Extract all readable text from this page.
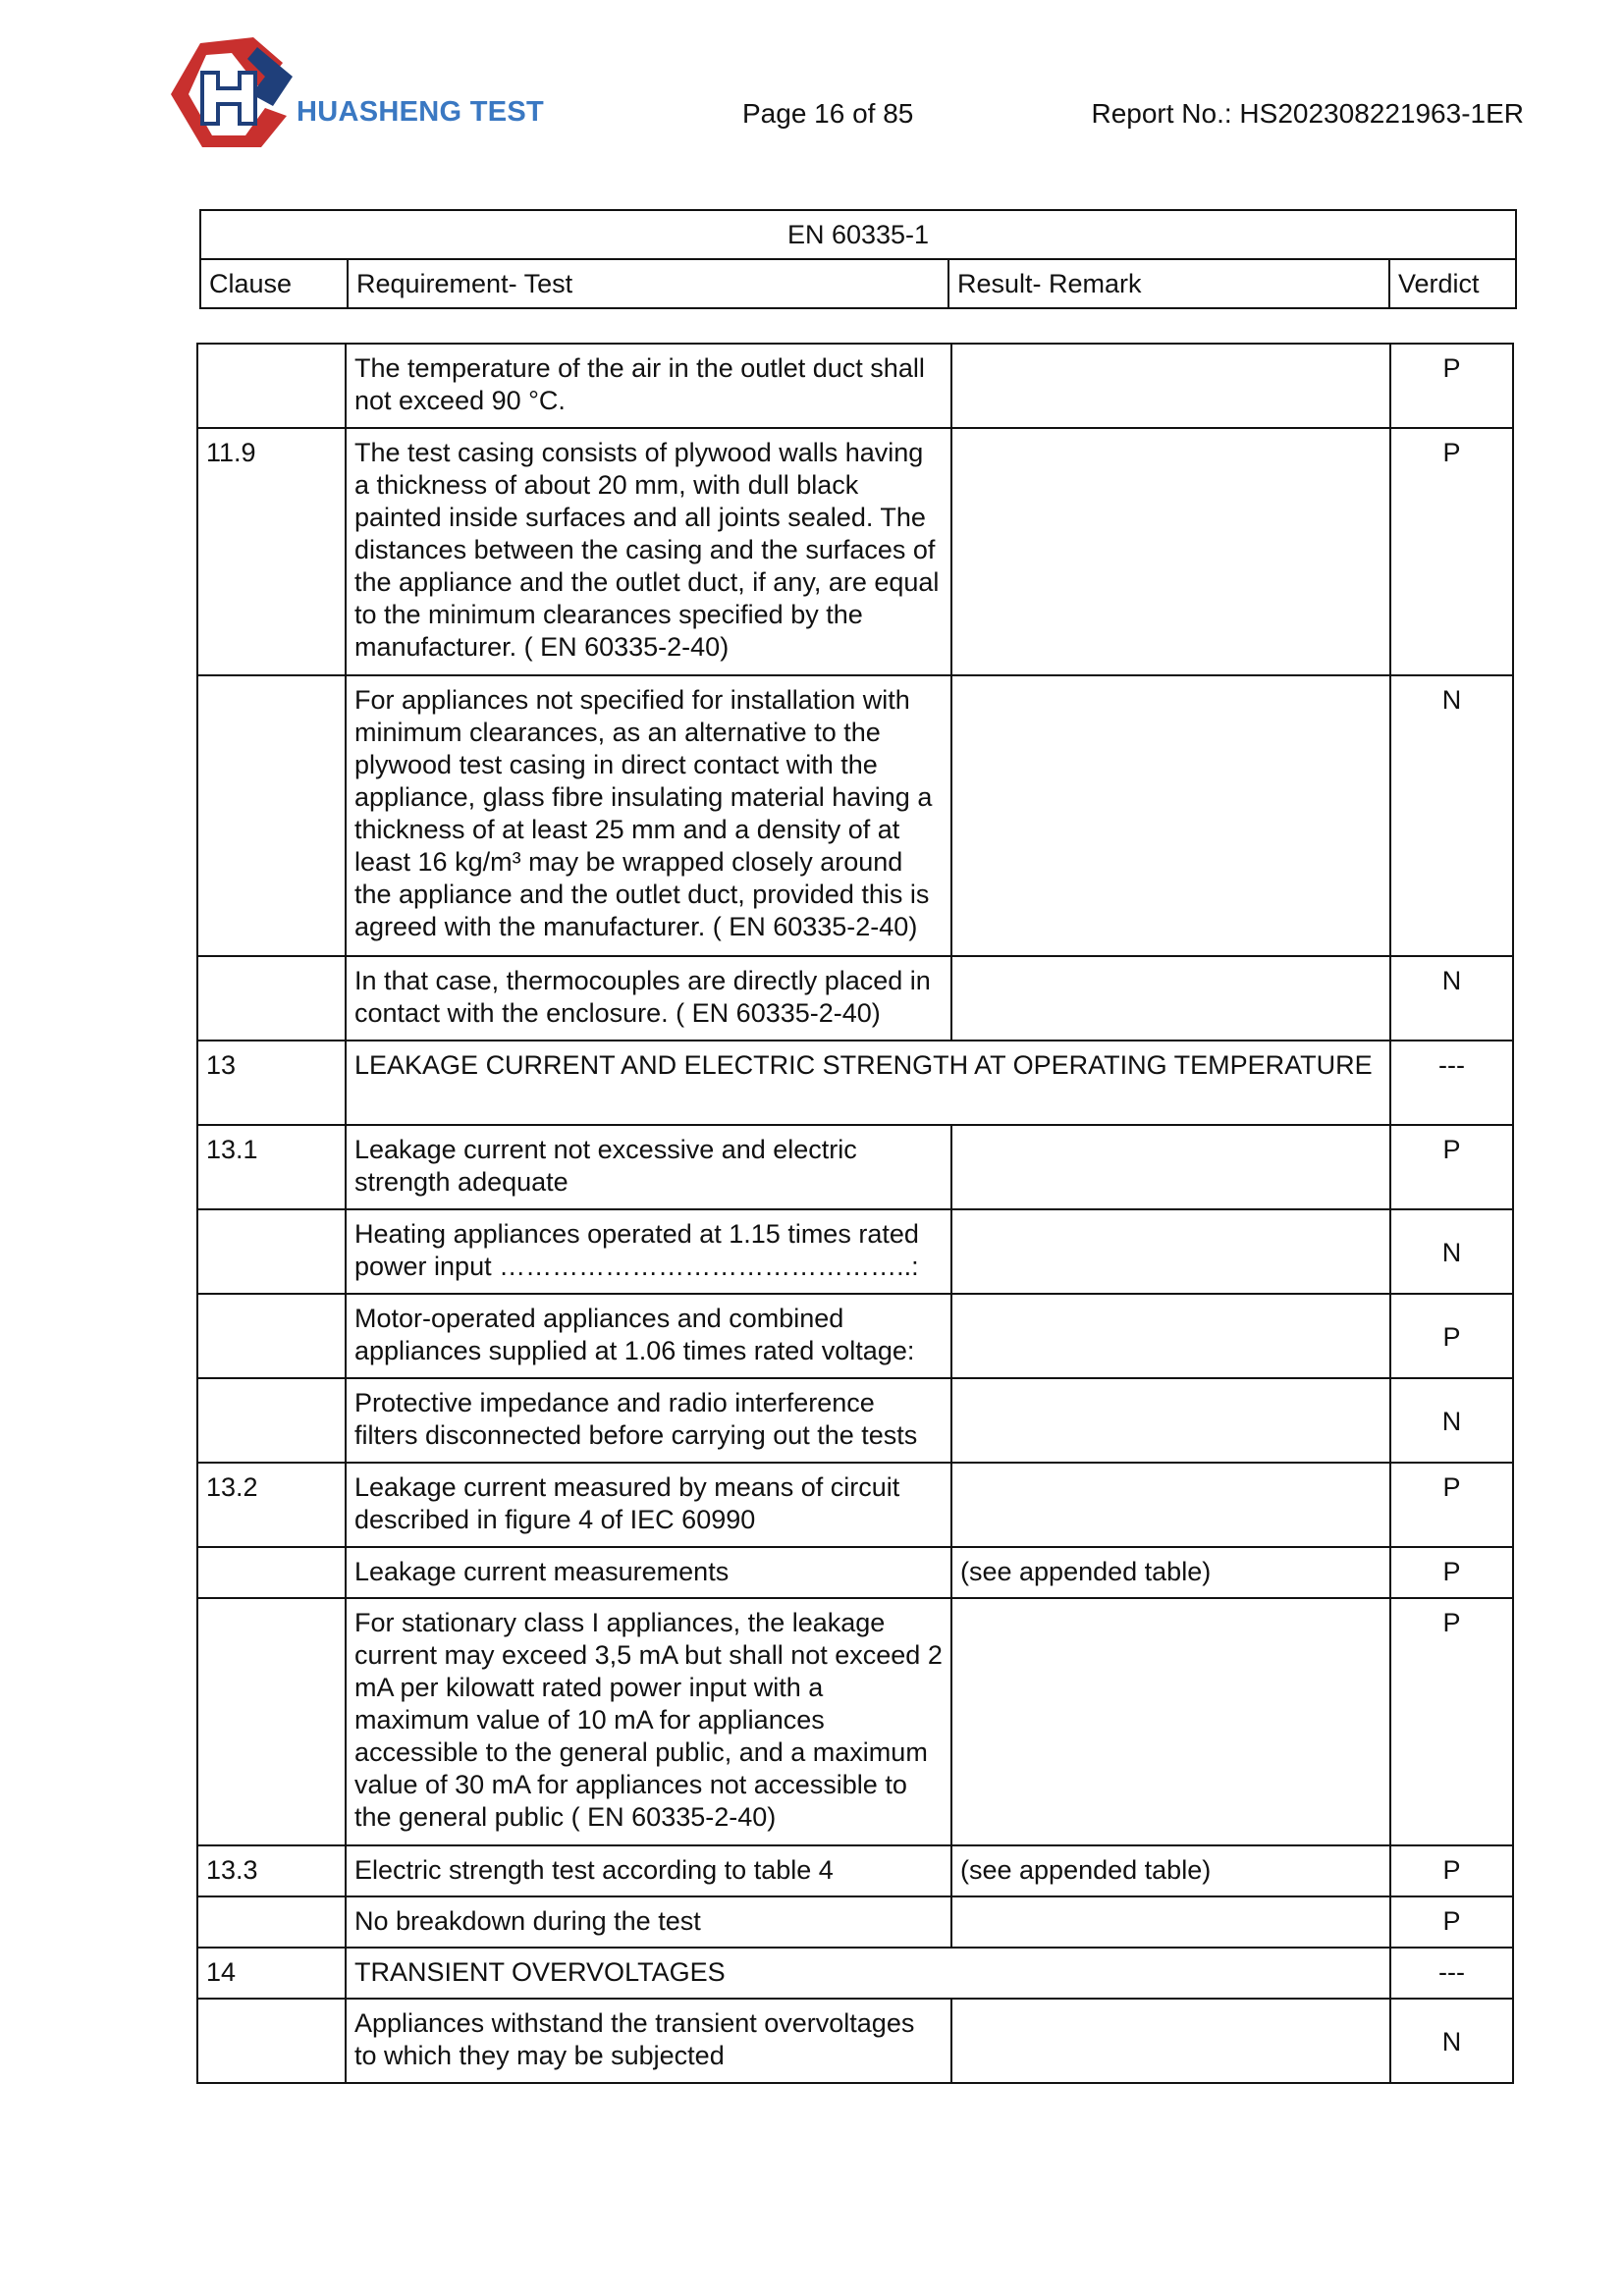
HUASHENG TEST	Page 16 of 85	Report No.: HS202308221963-1ER
EN 60335-1
Clause	Requirement- Test	Result- Remark	Verdict
	The temperature of the air in the outlet duct shall not exceed 90 °C.		P
11.9	The test casing consists of plywood walls having a thickness of about 20 mm, with dull black painted inside surfaces and all joints sealed. The distances between the casing and the surfaces of the appliance and the outlet duct, if any, are equal to the minimum clearances specified by the manufacturer. ( EN 60335-2-40)		P
	For appliances not specified for installation with minimum clearances, as an alternative to the plywood test casing in direct contact with the appliance, glass fibre insulating material having a thickness of at least 25 mm and a density of at least 16 kg/m³ may be wrapped closely around the appliance and the outlet duct, provided this is agreed with the manufacturer. ( EN 60335-2-40)		N
	In that case, thermocouples are directly placed in contact with the enclosure. ( EN 60335-2-40)		N
13	LEAKAGE CURRENT AND ELECTRIC STRENGTH AT OPERATING TEMPERATURE		---
13.1	Leakage current not excessive and electric strength adequate		P
	Heating appliances operated at 1.15 times rated power input ………………………………………..:		N
	Motor-operated appliances and combined appliances supplied at 1.06 times rated voltage:		P
	Protective impedance and radio interference filters disconnected before carrying out the tests		N
13.2	Leakage current measured by means of circuit described in figure 4 of IEC 60990		P
	Leakage current measurements	(see appended table)	P
	For stationary class I appliances, the leakage current may exceed 3,5 mA but shall not exceed 2 mA per kilowatt rated power input with a maximum value of 10 mA for appliances accessible to the general public, and a maximum value of 30 mA for appliances not accessible to the general public ( EN 60335-2-40)		P
13.3	Electric strength test according to table 4	(see appended table)	P
	No breakdown during the test		P
14	TRANSIENT OVERVOLTAGES		---
	Appliances withstand the transient overvoltages to which they may be subjected		N
